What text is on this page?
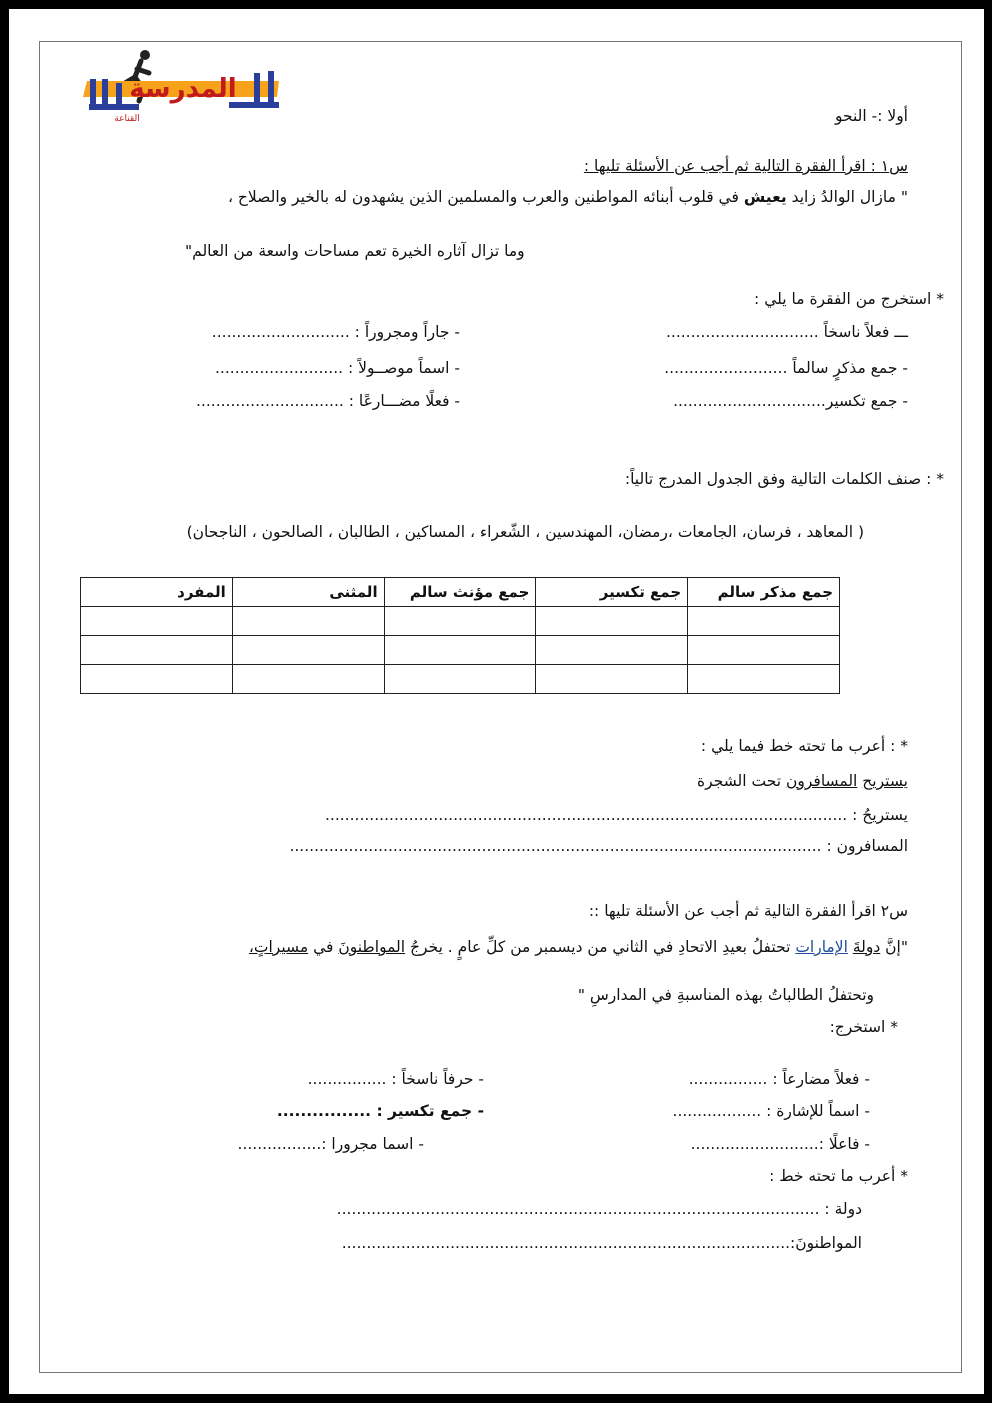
المدرسة
القناعة	أولا :- النحو
س١ : اقرأ الفقرة التالية ثم أجب عن الأسئلة تليها :
" مازال الوالدُ زايد يعيش في قلوب أبنائه المواطنين والعرب والمسلمين الذين يشهدون له بالخير والصلاح ،
وما تزال آثاره الخيرة تعم مساحات واسعة من العالم"
* استخرج من الفقرة ما يلي :
ـــ فعلاً ناسخاً ...............................
- جاراً ومجروراً : ............................
- جمع مذكرٍ سالماً .........................
- اسماً موصــولاً : ..........................
- جمع تكسير...............................
- فعلًا مضـــارعًا : ..............................
* : صنف الكلمات التالية وفق الجدول المدرج تالياً:
( المعاهد ، فرسان، الجامعات ،رمضان، المهندسين ، الشّعراء ، المساكين ، الطالبان ، الصالحون ، الناجحان)
المفرد	المثنى	جمع مؤنث سالم	جمع تكسير	جمع مذكر سالم

* : أعرب ما تحته خط فيما يلي :
يستريح المسافرون تحت الشجرة
يستريحُ : ..........................................................................................................
المسافرون : ............................................................................................................
س٢ اقرأ الفقرة التالية ثم أجب عن الأسئلة تليها ::
"إنَّ دولةَ الإمارات تحتفلُ بعيدِ الاتحادِ في الثاني من ديسمبر من كلِّ عامٍ . يخرجُ المواطنونَ في مسيراتٍ،
وتحتفلُ الطالباتُ بهذه المناسبةِ في المدارسِ "
* استخرج:
- فعلاً مضارعاً : ................
- حرفاً ناسخاً : ................
- اسماً للإشارة : ..................
- جمع تكسير : ................
- فاعلًا :..........................
- اسما مجرورا :.................
* أعرب ما تحته خط :
دولة : ..................................................................................................
المواطنونَ:...........................................................................................
